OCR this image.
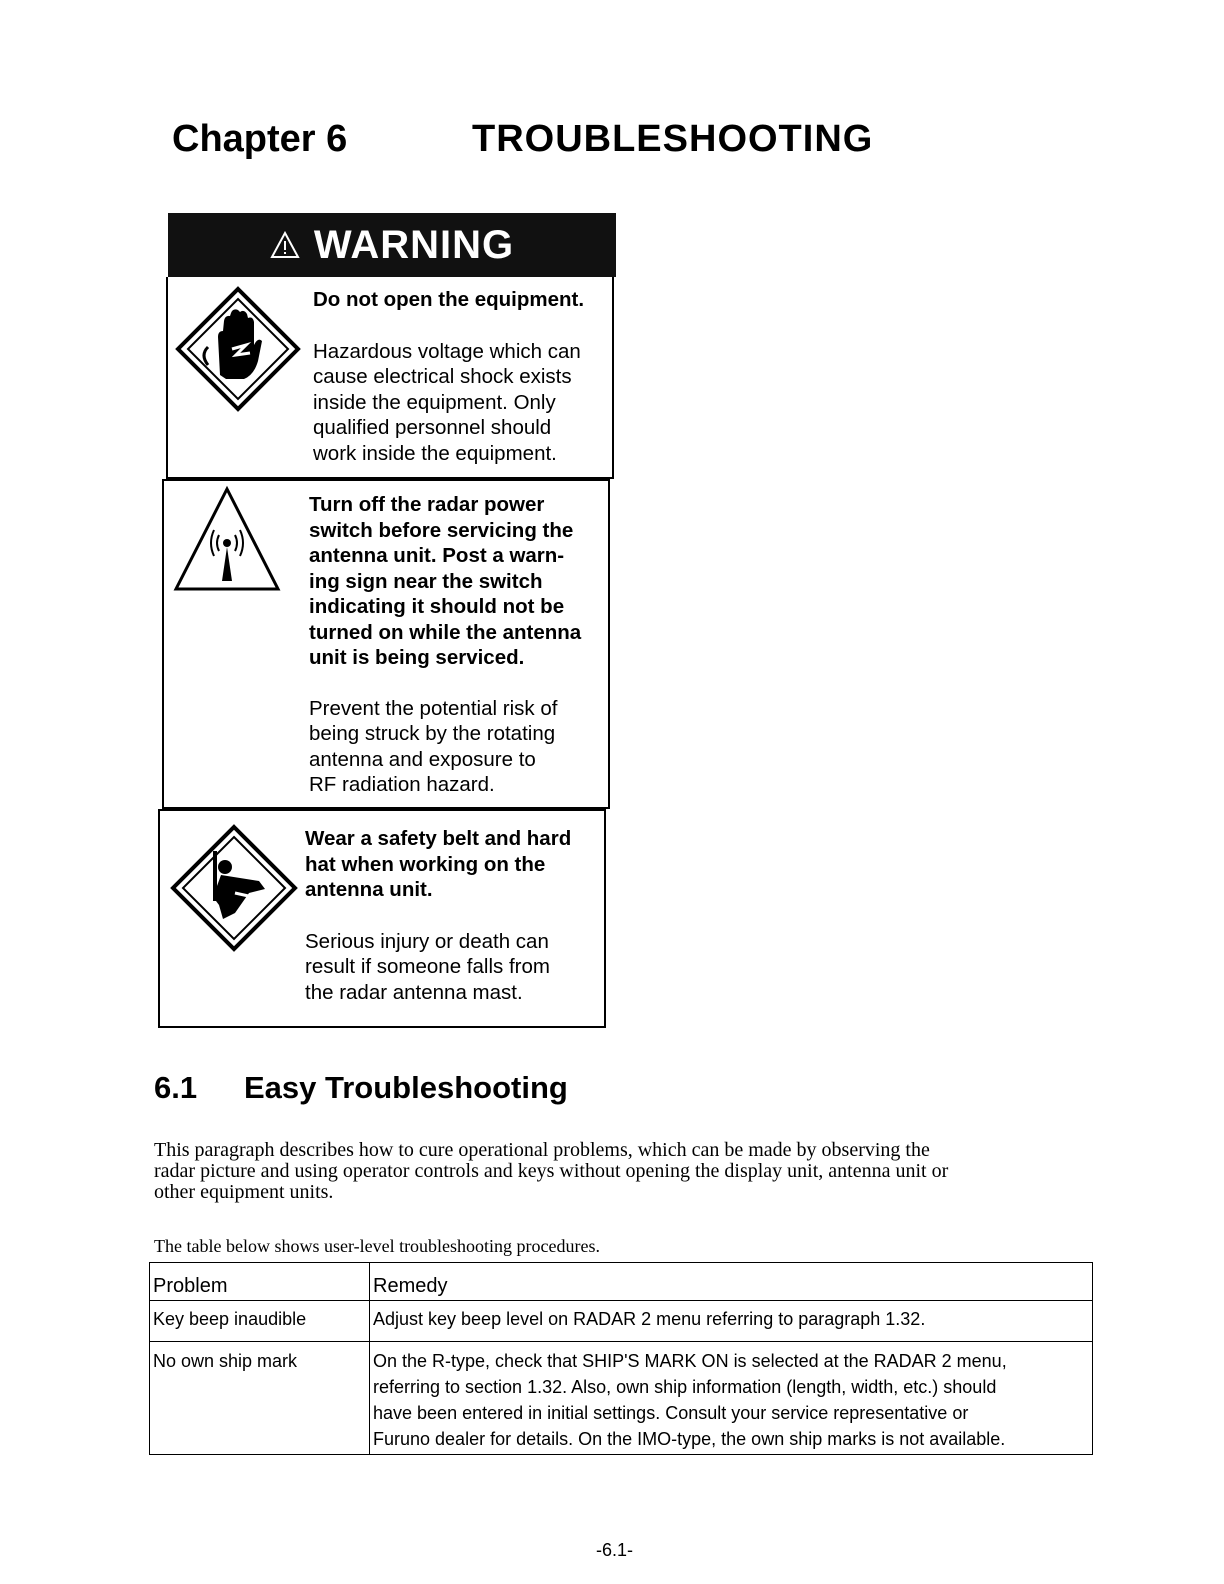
Chapter 6	TROUBLESHOOTING
WARNING
Do not open the equipment.
Hazardous voltage which can
cause electrical shock exists
inside the equipment. Only
qualified personnel should
work inside the equipment.
Turn off the radar power
switch before servicing the
antenna unit. Post a warn-
ing sign near the switch
indicating it should not be
turned on while the antenna
unit is being serviced.
Prevent the potential risk of
being struck by the rotating
antenna and exposure to
RF radiation hazard.
Wear a safety belt and hard
hat when working on the
antenna unit.
Serious injury or death can
result if someone falls from
the radar antenna mast.
6.1 Easy Troubleshooting
This paragraph describes how to cure operational problems, which can be made by observing the
radar picture and using operator controls and keys without opening the display unit, antenna unit or
other equipment units.
The table below shows user-level troubleshooting procedures.
Problem	Remedy
Key beep inaudible	Adjust key beep level on RADAR 2 menu referring to paragraph 1.32.

No own ship mark	On the R-type, check that SHIP'S MARK ON is selected at the RADAR 2 menu,
referring to section 1.32. Also, own ship information (length, width, etc.) should
have been entered in initial settings. Consult your service representative or
Furuno dealer for details. On the IMO-type, the own ship marks is not available.
-6.1-
